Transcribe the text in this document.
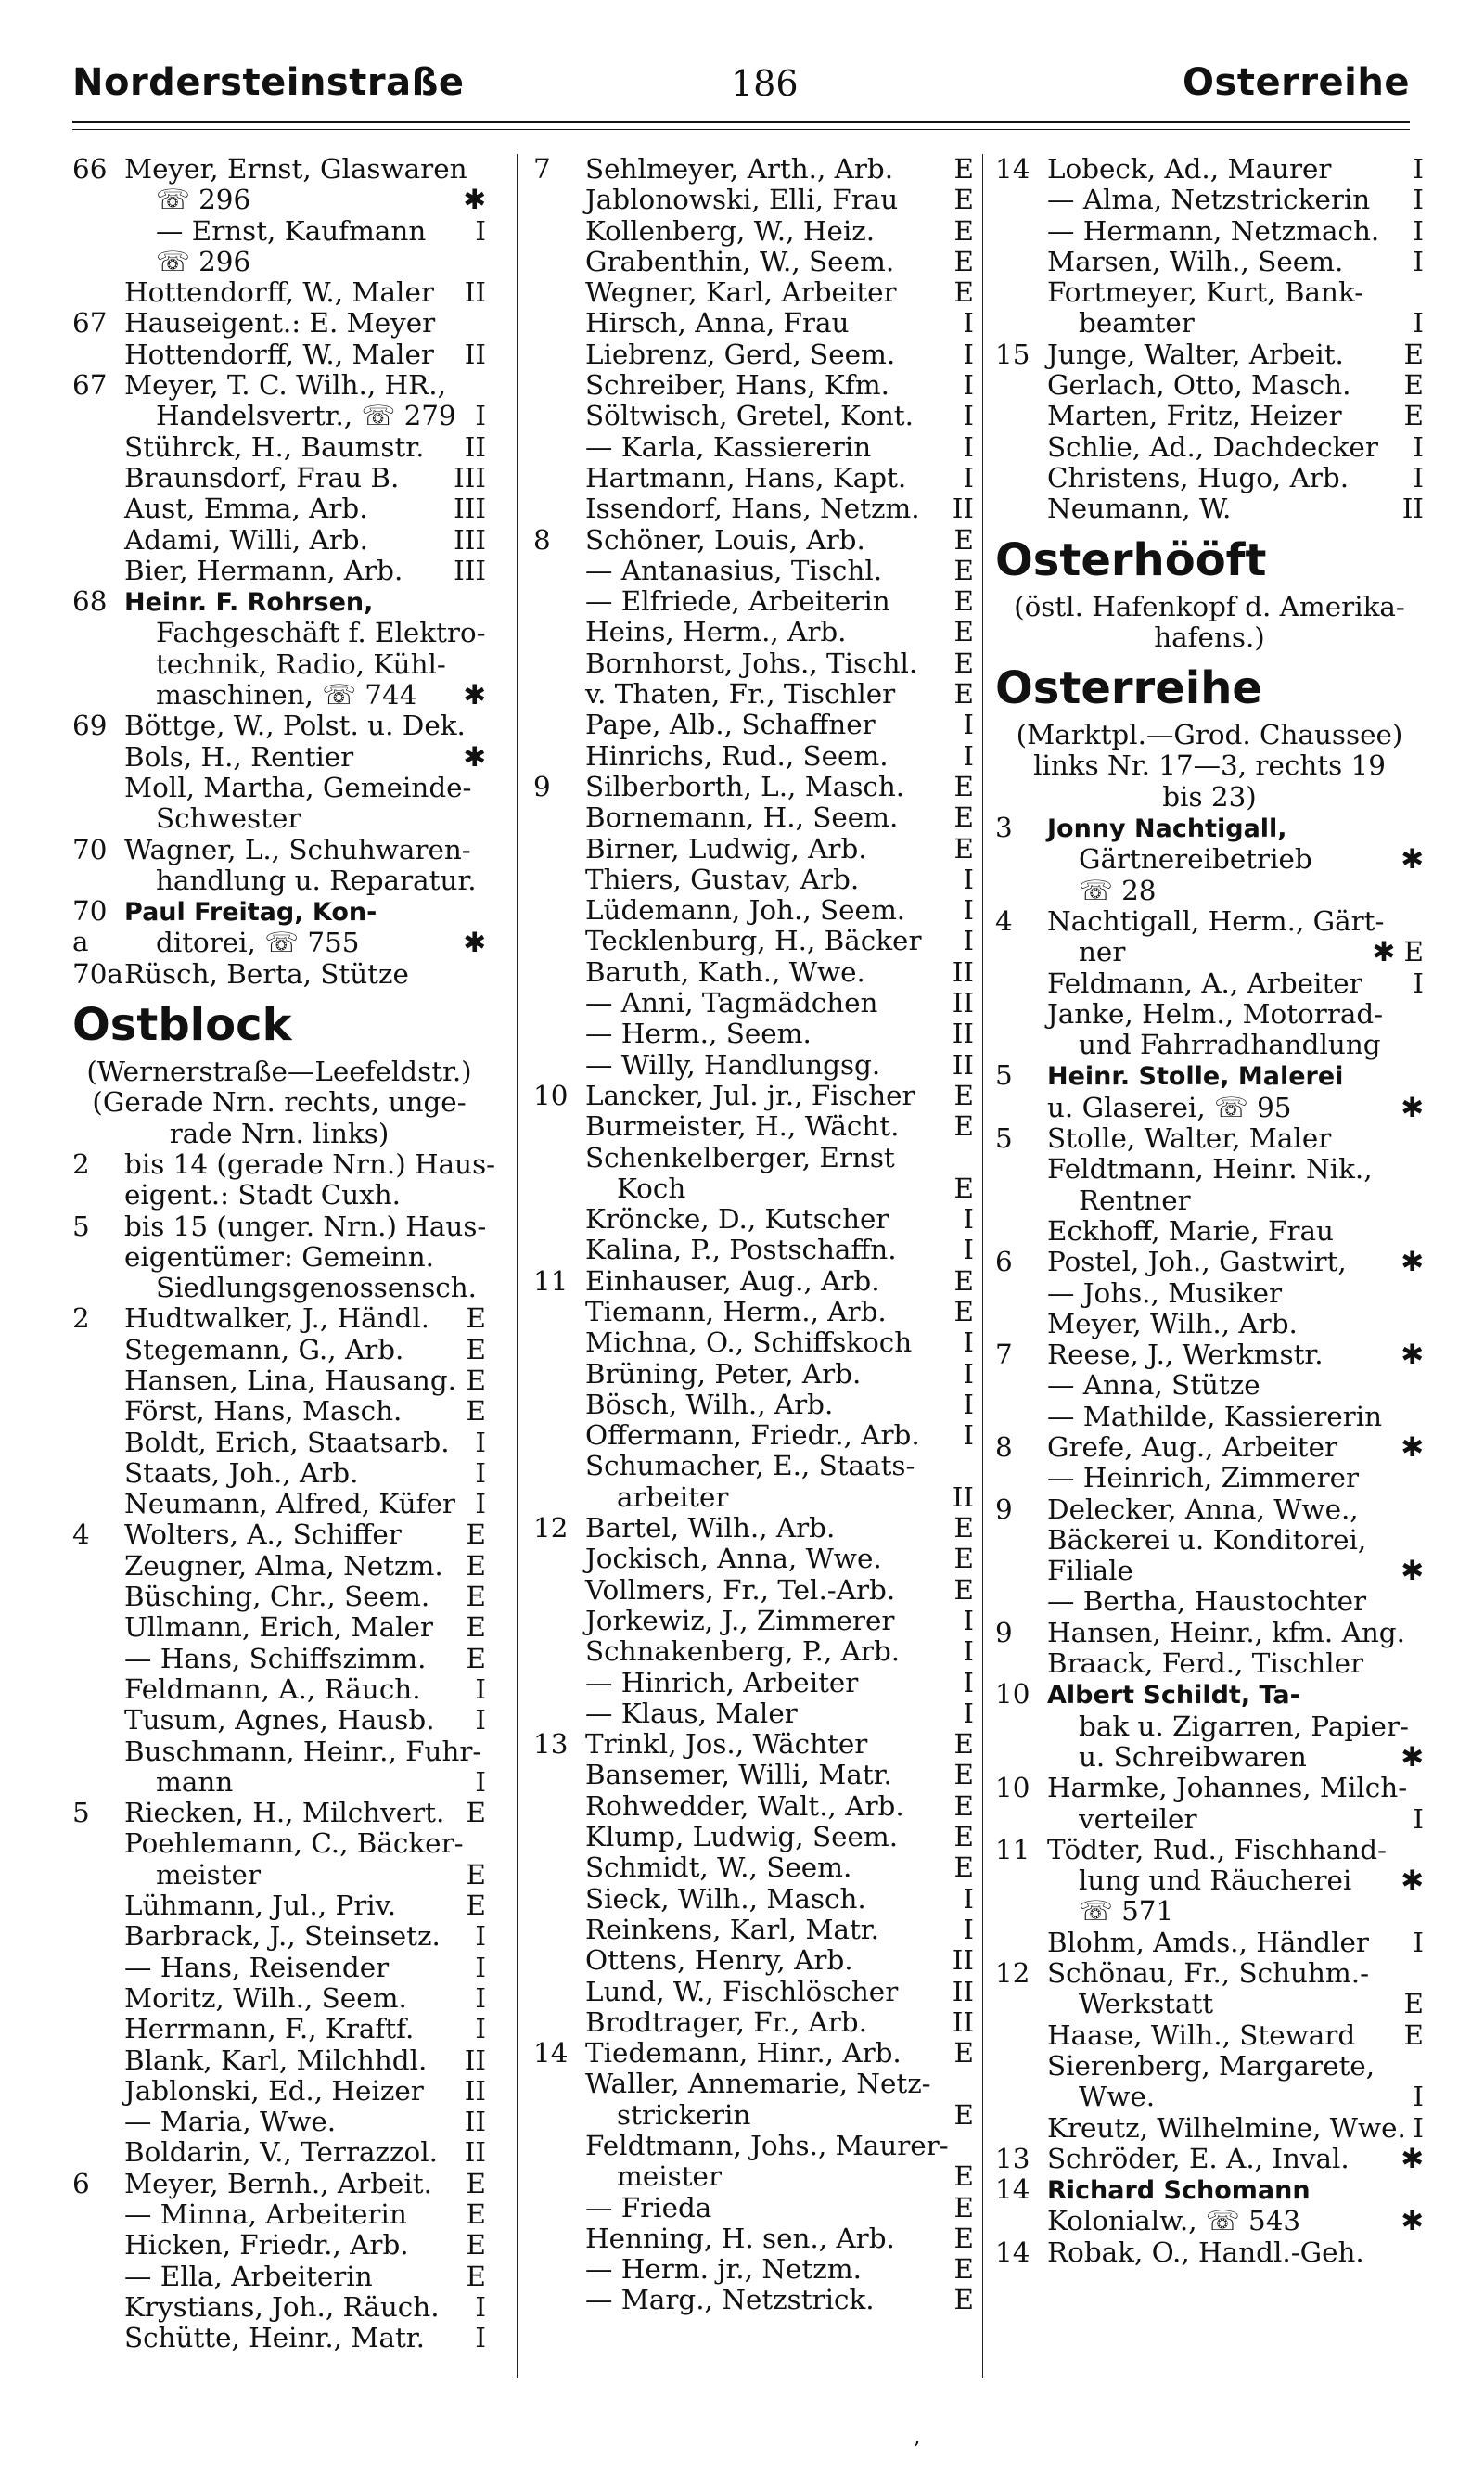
Nordersteinstraße	186	Osterreihe
66 Meyer, Ernst, Glaswaren
☏ 296	✱
— Ernst, Kaufmann I
☏ 296
Hottendorff, W., Maler II
67 Hauseigent.: E. Meyer
Hottendorff, W., Maler II
67 Meyer, T. C. Wilh., HR.,
Handelsvertr., ☏ 279 I
Stührck, H., Baumstr. II
Braunsdorf, Frau B. III
Aust, Emma, Arb.	III
Adami, Willi, Arb.	III
Bier, Hermann, Arb. III
68 Heinr. F. Rohrsen,
Fachgeschäft f. Elektro-
technik, Radio, Kühl-
maschinen, ☏ 744 ✱
69 Böttge, W., Polst. u. Dek.
Bols, H., Rentier	✱
Moll, Martha, Gemeinde-
Schwester
70 Wagner, L., Schuhwaren-
handlung u. Reparatur.
70 a
Paul Freitag, Kon-
ditorei, ☏ 755	✱
70a Rüsch, Berta, Stütze
Ostblock
(Wernerstraße—Leefeldstr.)
(Gerade Nrn. rechts, unge-
rade Nrn. links)
2	bis 14 (gerade Nrn.) Haus-
eigent.: Stadt Cuxh.
5	bis 15 (unger. Nrn.) Haus-
eigentümer: Gemeinn.
Siedlungsgenossensch.
2	Hudtwalker, J., Händl. E
Stegemann, G., Arb. E
Hansen, Lina, Hausang. E
Först, Hans, Masch. E
Boldt, Erich, Staatsarb. I
Staats, Joh., Arb.	I
Neumann, Alfred, Küfer I
4	Wolters, A., Schiffer E
Zeugner, Alma, Netzm. E
Büsching, Chr., Seem. E
Ullmann, Erich, Maler E
— Hans, Schiffszimm. E
Feldmann, A., Räuch. I
Tusum, Agnes, Hausb. I
Buschmann, Heinr., Fuhr-
mann	I
5	Riecken, H., Milchvert. E
Poehlemann, C., Bäcker-
meister	E
Lühmann, Jul., Priv.	E
Barbrack, J., Steinsetz. I
— Hans, Reisender	I
Moritz, Wilh., Seem.	I
Herrmann, F., Kraftf. I
Blank, Karl, Milchhdl. II
Jablonski, Ed., Heizer II
— Maria, Wwe.	II
Boldarin, V., Terrazzol. II
6	Meyer, Bernh., Arbeit. E
— Minna, Arbeiterin E
Hicken, Friedr., Arb. E
— Ella, Arbeiterin	E
Krystians, Joh., Räuch. I
Schütte, Heinr., Matr. I
7	Sehlmeyer, Arth., Arb. E
Jablonowski, Elli, Frau E
Kollenberg, W., Heiz.	E
Grabenthin, W., Seem. E
Wegner, Karl, Arbeiter E
Hirsch, Anna, Frau	I
Liebrenz, Gerd, Seem. I
Schreiber, Hans, Kfm.	I
Söltwisch, Gretel, Kont. I
— Karla, Kassiererin	I
Hartmann, Hans, Kapt. I
Issendorf, Hans, Netzm. II
8	Schöner, Louis, Arb.	E
— Antanasius, Tischl.	E
— Elfriede, Arbeiterin E
Heins, Herm., Arb.	E
Bornhorst, Johs., Tischl. E
v. Thaten, Fr., Tischler E
Pape, Alb., Schaffner	I
Hinrichs, Rud., Seem.	I
9	Silberborth, L., Masch. E
Bornemann, H., Seem. E
Birner, Ludwig, Arb.	E
Thiers, Gustav, Arb.	I
Lüdemann, Joh., Seem. I
Tecklenburg, H., Bäcker I
Baruth, Kath., Wwe.	II
— Anni, Tagmädchen	II
— Herm., Seem.	II
— Willy, Handlungsg.	II
10 Lancker, Jul. jr., Fischer E
Burmeister, H., Wächt. E
Schenkelberger, Ernst
Koch	E
Kröncke, D., Kutscher	I
Kalina, P., Postschaffn. I
11 Einhauser, Aug., Arb.	E
Tiemann, Herm., Arb. E
Michna, O., Schiffskoch I
Brüning, Peter, Arb.	I
Bösch, Wilh., Arb.	I
Offermann, Friedr., Arb. I
Schumacher, E., Staats-
arbeiter	II
12 Bartel, Wilh., Arb.	E
Jockisch, Anna, Wwe.	E
Vollmers, Fr., Tel.-Arb. E
Jorkewiz, J., Zimmerer	I
Schnakenberg, P., Arb. I
— Hinrich, Arbeiter	I
— Klaus, Maler	I
13 Trinkl, Jos., Wächter	E
Bansemer, Willi, Matr. E
Rohwedder, Walt., Arb. E
Klump, Ludwig, Seem. E
Schmidt, W., Seem.	E
Sieck, Wilh., Masch.	I
Reinkens, Karl, Matr.	I
Ottens, Henry, Arb.	II
Lund, W., Fischlöscher II
Brodtrager, Fr., Arb.	II
14 Tiedemann, Hinr., Arb. E
Waller, Annemarie, Netz-
strickerin	E
Feldtmann, Johs., Maurer-
meister	E
— Frieda	E
Henning, H. sen., Arb. E
— Herm. jr., Netzm.	E
— Marg., Netzstrick.	E
14 Lobeck, Ad., Maurer	I
— Alma, Netzstrickerin I
— Hermann, Netzmach. I
Marsen, Wilh., Seem.	I
Fortmeyer, Kurt, Bank-
beamter	I
15 Junge, Walter, Arbeit. E
Gerlach, Otto, Masch. E
Marten, Fritz, Heizer E
Schlie, Ad., Dachdecker I
Christens, Hugo, Arb. I
Neumann, W.	II
Osterhööft
(östl. Hafenkopf d. Amerika-
hafens.)
Osterreihe
(Marktpl.—Grod. Chaussee)
links Nr. 17—3, rechts 19
bis 23)
3	Jonny Nachtigall,
Gärtnereibetrieb	✱
☏ 28
4	Nachtigall, Herm., Gärt-
ner	✱ E
Feldmann, A., Arbeiter I
Janke, Helm., Motorrad-
und Fahrradhandlung
5	Heinr. Stolle, Malerei
u. Glaserei, ☏ 95	✱
5	Stolle, Walter, Maler
Feldtmann, Heinr. Nik.,
Rentner
Eckhoff, Marie, Frau
6	Postel, Joh., Gastwirt, ✱
— Johs., Musiker
Meyer, Wilh., Arb.
7	Reese, J., Werkmstr.	✱
— Anna, Stütze
— Mathilde, Kassiererin
8	Grefe, Aug., Arbeiter ✱
— Heinrich, Zimmerer
9	Delecker, Anna, Wwe.,
Bäckerei u. Konditorei,
Filiale	✱
— Bertha, Haustochter
9	Hansen, Heinr., kfm. Ang.
Braack, Ferd., Tischler
10 Albert Schildt, Ta-
bak u. Zigarren, Papier-
u. Schreibwaren	✱
10 Harmke, Johannes, Milch-
verteiler	I
11 Tödter, Rud., Fischhand-
lung und Räucherei ✱
☏ 571
Blohm, Amds., Händler I
12 Schönau, Fr., Schuhm.-
Werkstatt	E
Haase, Wilh., Steward E
Sierenberg, Margarete,
Wwe.	I
Kreutz, Wilhelmine, Wwe. I
13 Schröder, E. A., Inval. ✱
14 Richard Schomann
Kolonialw., ☏ 543	✱
14 Robak, O., Handl.-Geh.
,
